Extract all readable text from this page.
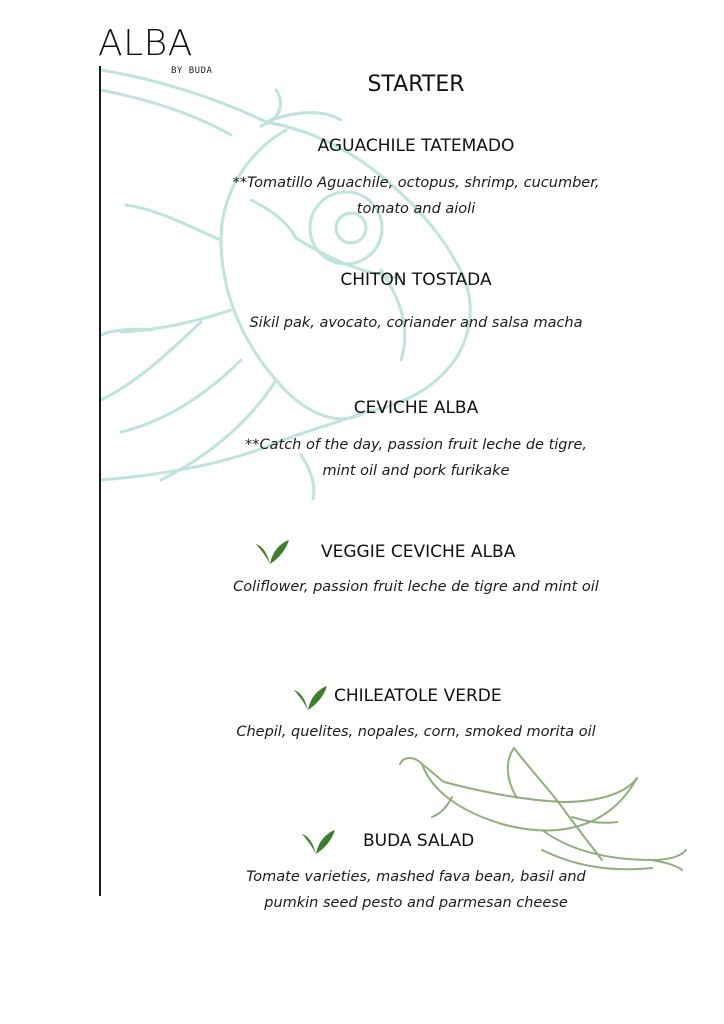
ALBA
BY BUDA
STARTER
AGUACHILE TATEMADO
**Tomatillo Aguachile, octopus, shrimp, cucumber,
tomato and aioli
CHITON TOSTADA
Sikil pak, avocato, coriander and salsa macha
CEVICHE ALBA
**Catch of the day, passion fruit leche de tigre,
mint oil and pork furikake
VEGGIE CEVICHE ALBA
Coliflower, passion fruit leche de tigre and mint oil
CHILEATOLE VERDE
Chepil, quelites, nopales, corn, smoked morita oil
BUDA SALAD
Tomate varieties, mashed fava bean, basil and
pumkin seed pesto and parmesan cheese
